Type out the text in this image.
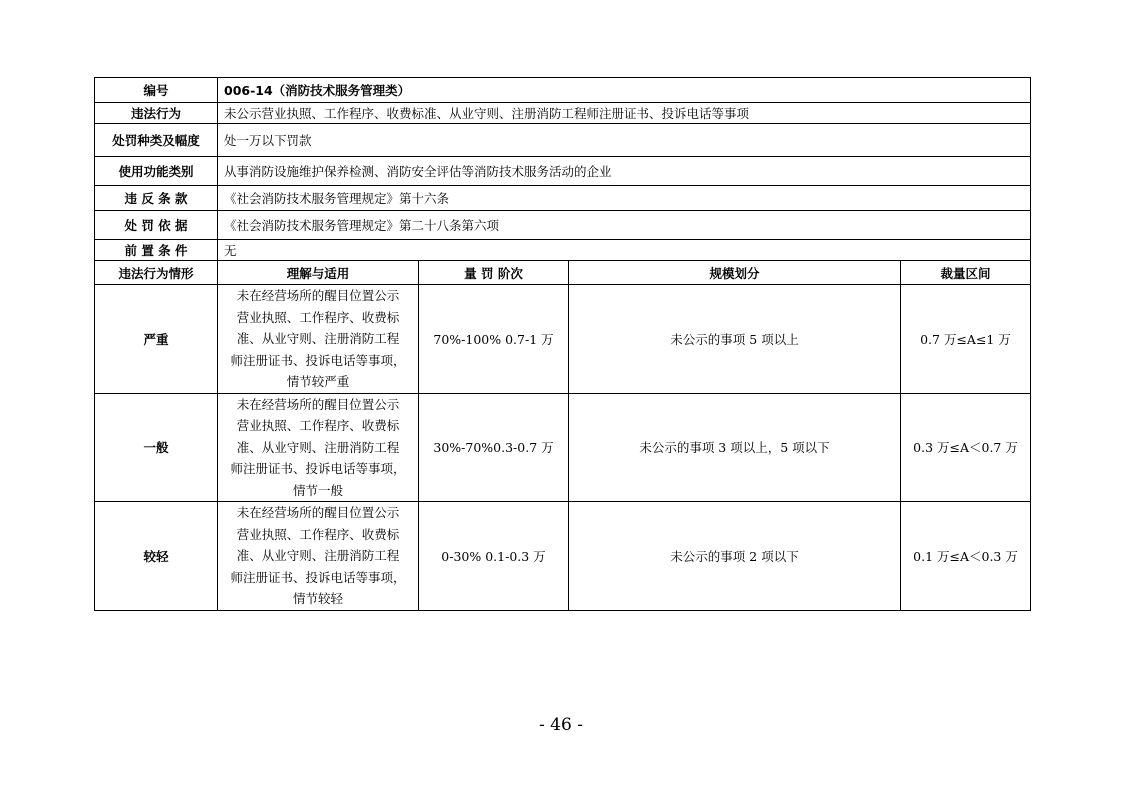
编号	006-14（消防技术服务管理类）			
违法行为	未公示营业执照、工作程序、收费标准、从业守则、注册消防工程师注册证书、投诉电话等事项			
处罚种类及幅度	处一万以下罚款			
使用功能类别	从事消防设施维护保养检测、消防安全评估等消防技术服务活动的企业			
违 反 条 款	《社会消防技术服务管理规定》第十六条			
处 罚 依 据	《社会消防技术服务管理规定》第二十八条第六项			
前 置 条 件	无			
违法行为情形	理解与适用	量 罚 阶次	规模划分	裁量区间
严重	未在经营场所的醒目位置公示
营业执照、工作程序、收费标
准、从业守则、注册消防工程
师注册证书、投诉电话等事项，
情节较严重	70%-100% 0.7-1 万	未公示的事项 5 项以上	0.7 万≤A≤1 万
一般	未在经营场所的醒目位置公示
营业执照、工作程序、收费标
准、从业守则、注册消防工程
师注册证书、投诉电话等事项，
情节一般	30%-70%0.3-0.7 万	未公示的事项 3 项以上，5 项以下	0.3 万≤A＜0.7 万
较轻	未在经营场所的醒目位置公示
营业执照、工作程序、收费标
准、从业守则、注册消防工程
师注册证书、投诉电话等事项，
情节较轻	0-30% 0.1-0.3 万	未公示的事项 2 项以下	0.1 万≤A＜0.3 万
- 46 -
